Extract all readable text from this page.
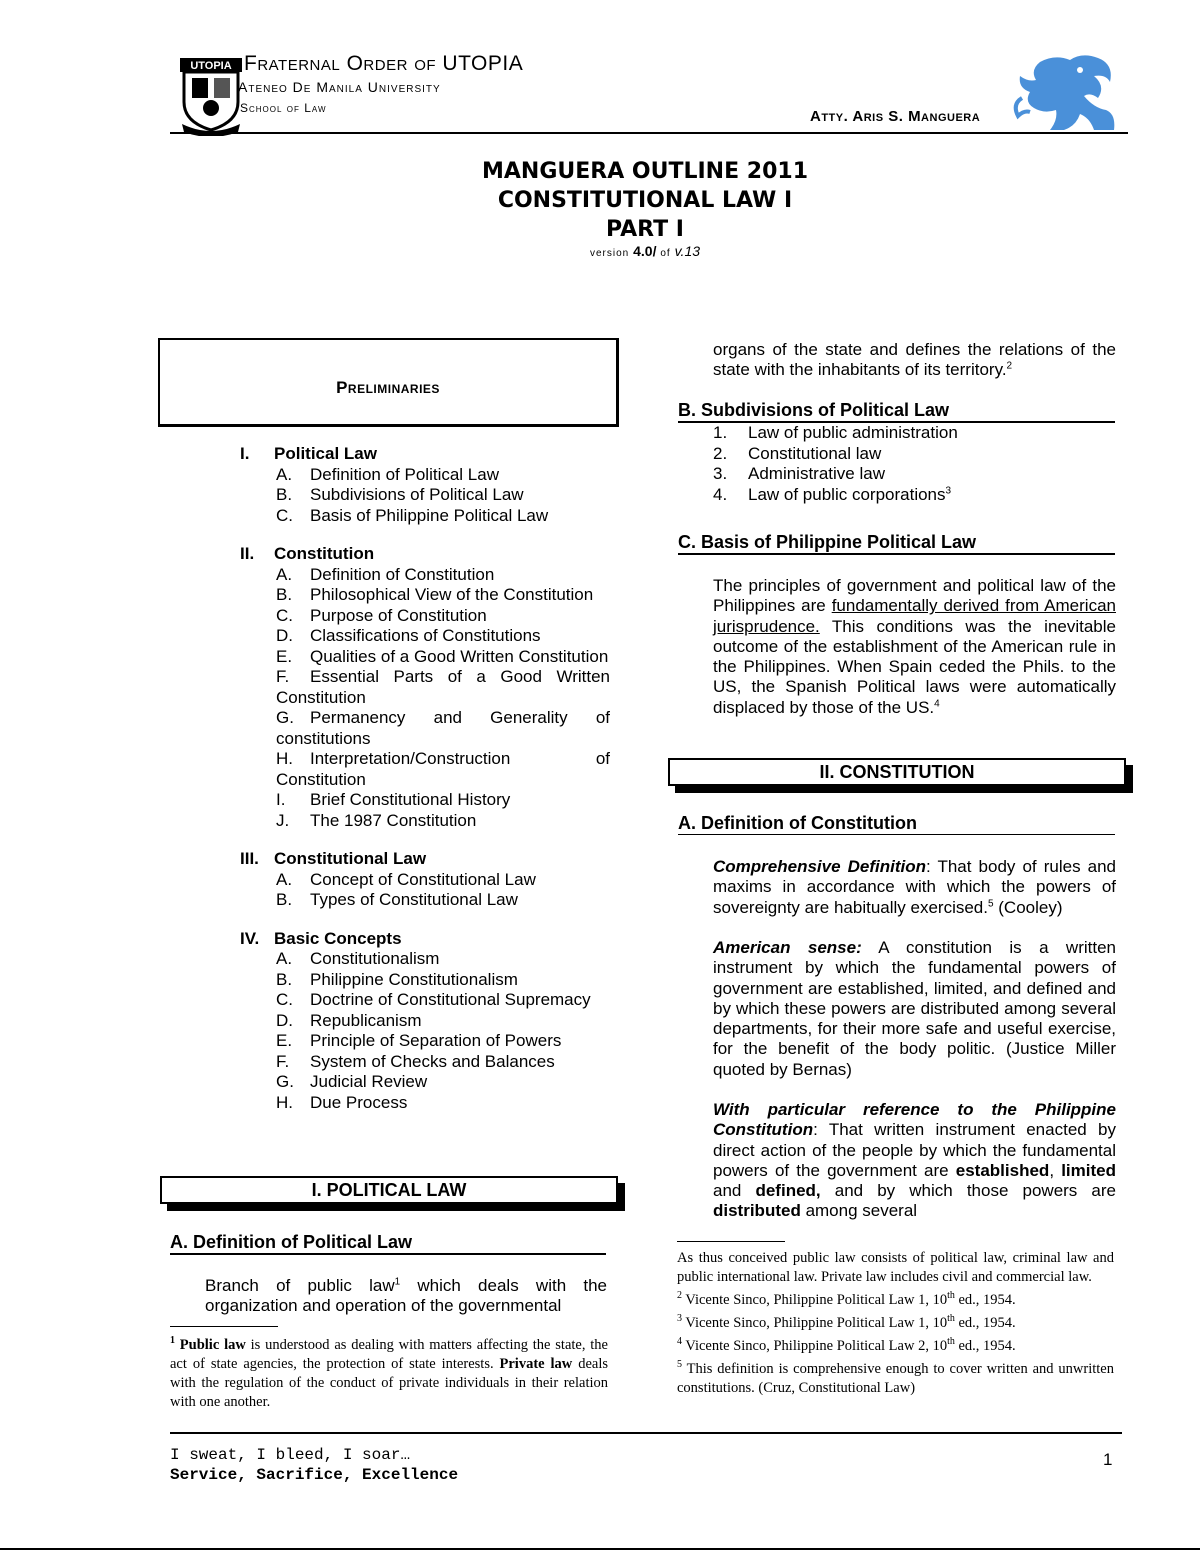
UTOPIA Fraternal Order of UTOPIA
Ateneo De Manila University
School of Law	Atty. Aris S. Manguera
MANGUERA OUTLINE 2011
CONSTITUTIONAL LAW I
PART I
version 4.0/ of v.13
Preliminaries
I. Political Law
A. Definition of Political Law
B. Subdivisions of Political Law
C. Basis of Philippine Political Law
II. Constitution
A. Definition of Constitution
B. Philosophical View of the Constitution
C. Purpose of Constitution
D. Classifications of Constitutions
E. Qualities of a Good Written Constitution
F. Essential Parts of a Good Written Constitution
G. Permanency and Generality of constitutions
H. Interpretation/Construction of Constitution
I. Brief Constitutional History
J. The 1987 Constitution
III. Constitutional Law
A. Concept of Constitutional Law
B. Types of Constitutional Law
IV. Basic Concepts
A. Constitutionalism
B. Philippine Constitutionalism
C. Doctrine of Constitutional Supremacy
D. Republicanism
E. Principle of Separation of Powers
F. System of Checks and Balances
G. Judicial Review
H. Due Process
I. POLITICAL LAW
A. Definition of Political Law
Branch of public law$^1$ which deals with the organization and operation of the governmental
$^1$ Public law is understood as dealing with matters affecting the state, the act of state agencies, the protection of state interests. Private law deals with the regulation of the conduct of private individuals in their relation with one another.
organs of the state and defines the relations of the state with the inhabitants of its territory.$^2$
B. Subdivisions of Political Law
1. Law of public administration
2. Constitutional law
3. Administrative law
4. Law of public corporations$^3$
C. Basis of Philippine Political Law
The principles of government and political law of the Philippines are fundamentally derived from American jurisprudence. This conditions was the inevitable outcome of the establishment of the American rule in the Philippines. When Spain ceded the Phils. to the US, the Spanish Political laws were automatically displaced by those of the US.$^4$
II. CONSTITUTION
A. Definition of Constitution
Comprehensive Definition: That body of rules and maxims in accordance with which the powers of sovereignty are habitually exercised.$^5$ (Cooley)
American sense: A constitution is a written instrument by which the fundamental powers of government are established, limited, and defined and by which these powers are distributed among several departments, for their more safe and useful exercise, for the benefit of the body politic. (Justice Miller quoted by Bernas)
With particular reference to the Philippine Constitution: That written instrument enacted by direct action of the people by which the fundamental powers of the government are established, limited and defined, and by which those powers are distributed among several

As thus conceived public law consists of political law, criminal law and public international law. Private law includes civil and commercial law.

$^2$ Vicente Sinco, Philippine Political Law 1, 10th ed., 1954.

$^3$ Vicente Sinco, Philippine Political Law 1, 10th ed., 1954.

$^4$ Vicente Sinco, Philippine Political Law 2, 10th ed., 1954.

$^5$ This definition is comprehensive enough to cover written and unwritten constitutions. (Cruz, Constitutional Law)

I sweat, I bleed, I soar…
Service, Sacrifice, Excellence
1
